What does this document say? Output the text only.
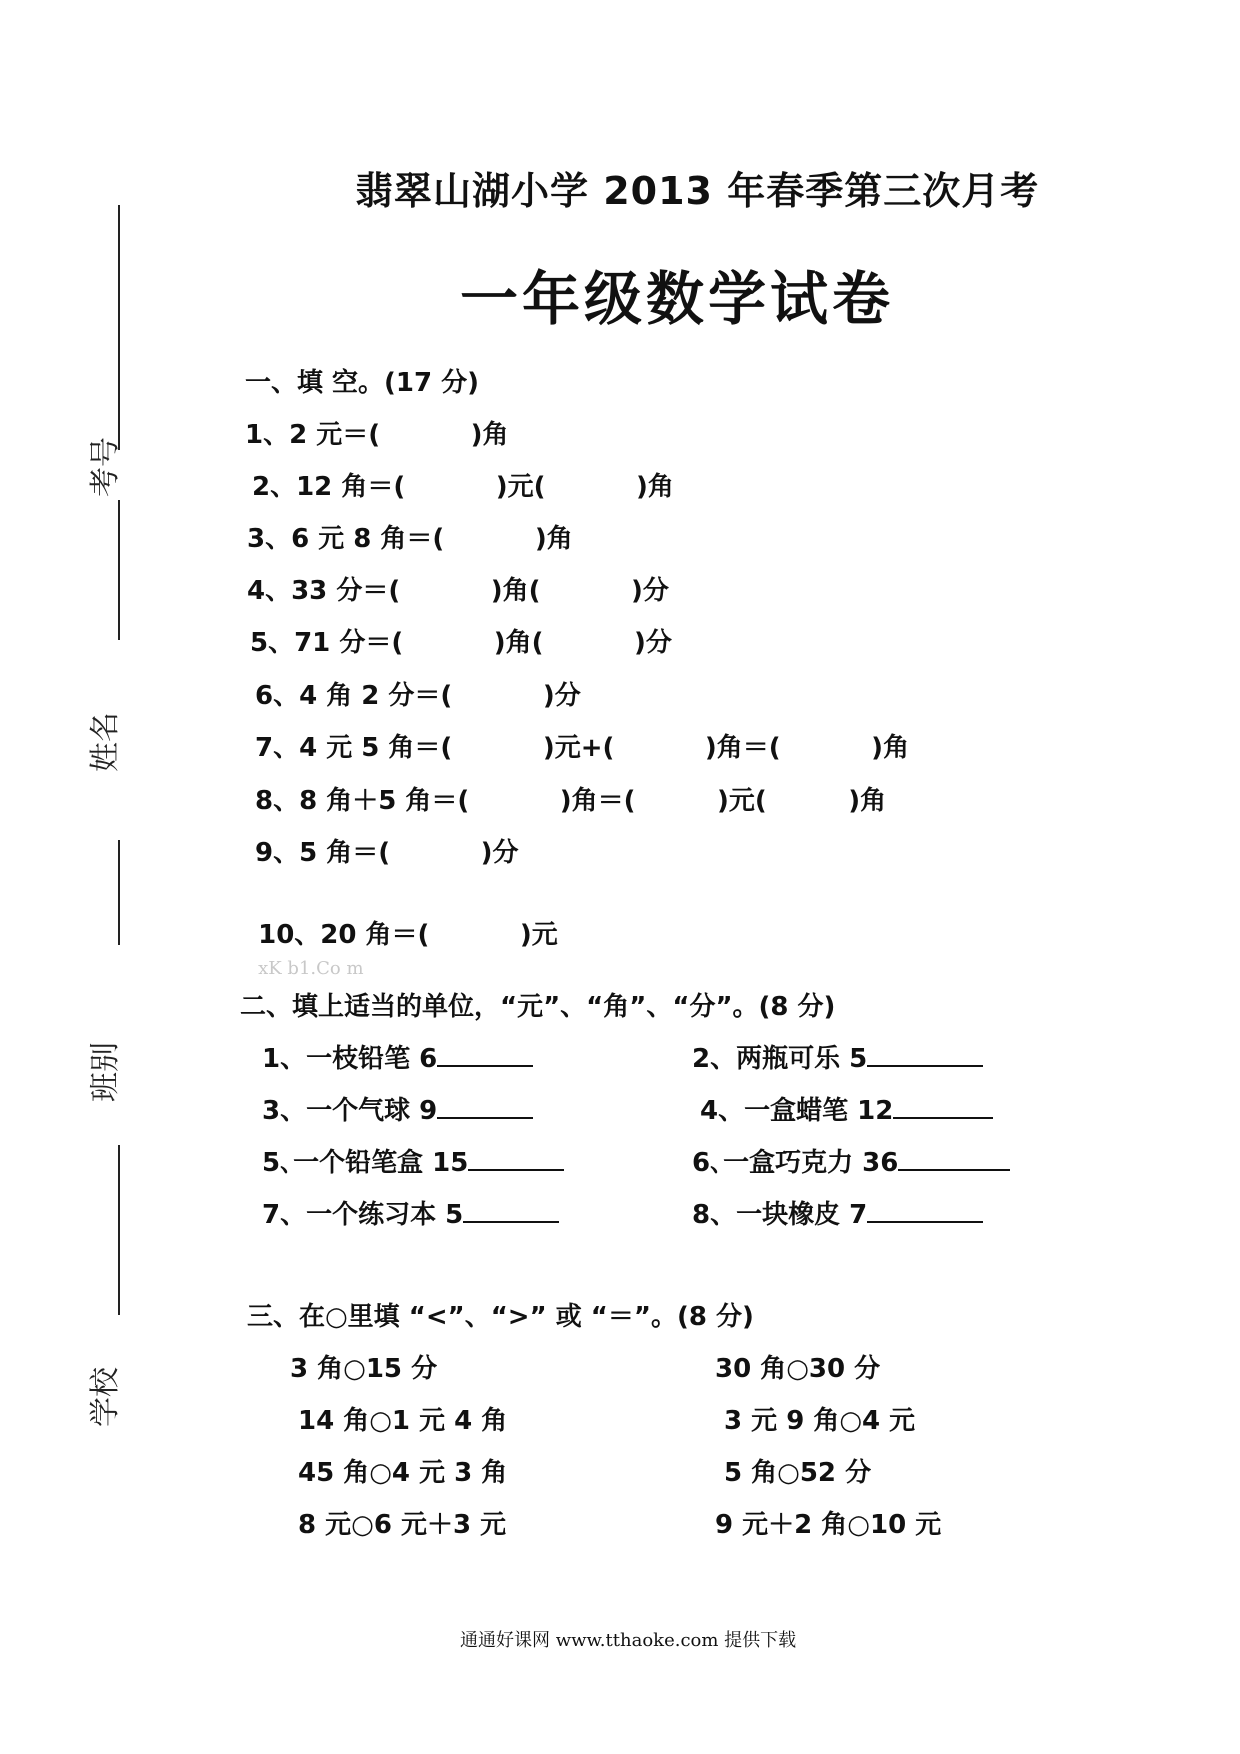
考号
姓名
班别
学校
翡翠山湖小学 2013 年春季第三次月考
一年级数学试卷
一、填 空。(17 分)
1、2 元＝(          )角
2、12 角＝(          )元(          )角
3、6 元 8 角＝(          )角
4、33 分＝(          )角(          )分
5、71 分＝(          )角(          )分
6、4 角 2 分＝(          )分
7、4 元 5 角＝(          )元+(          )角＝(          )角
8、8 角＋5 角＝(          )角＝(         )元(         )角
9、5 角＝(          )分

10、20 角＝(          )元
xK b1.Co m

二、填上适当的单位，“元”、“角”、“分”。(8 分)
1、一枝铅笔 6	2、两瓶可乐 5
3、一个气球 9	4、一盒蜡笔 12
5､一个铅笔盒 15	6､一盒巧克力 36
7、一个练习本 5	8、一块橡皮 7
三、在○里填 “<”、“>” 或 “＝”。(8 分)
3 角○15 分	30 角○30 分
14 角○1 元 4 角	3 元 9 角○4 元
45 角○4 元 3 角	5 角○52 分
8 元○6 元＋3 元	9 元＋2 角○10 元
通通好课网 www.tthaoke.com 提供下载
